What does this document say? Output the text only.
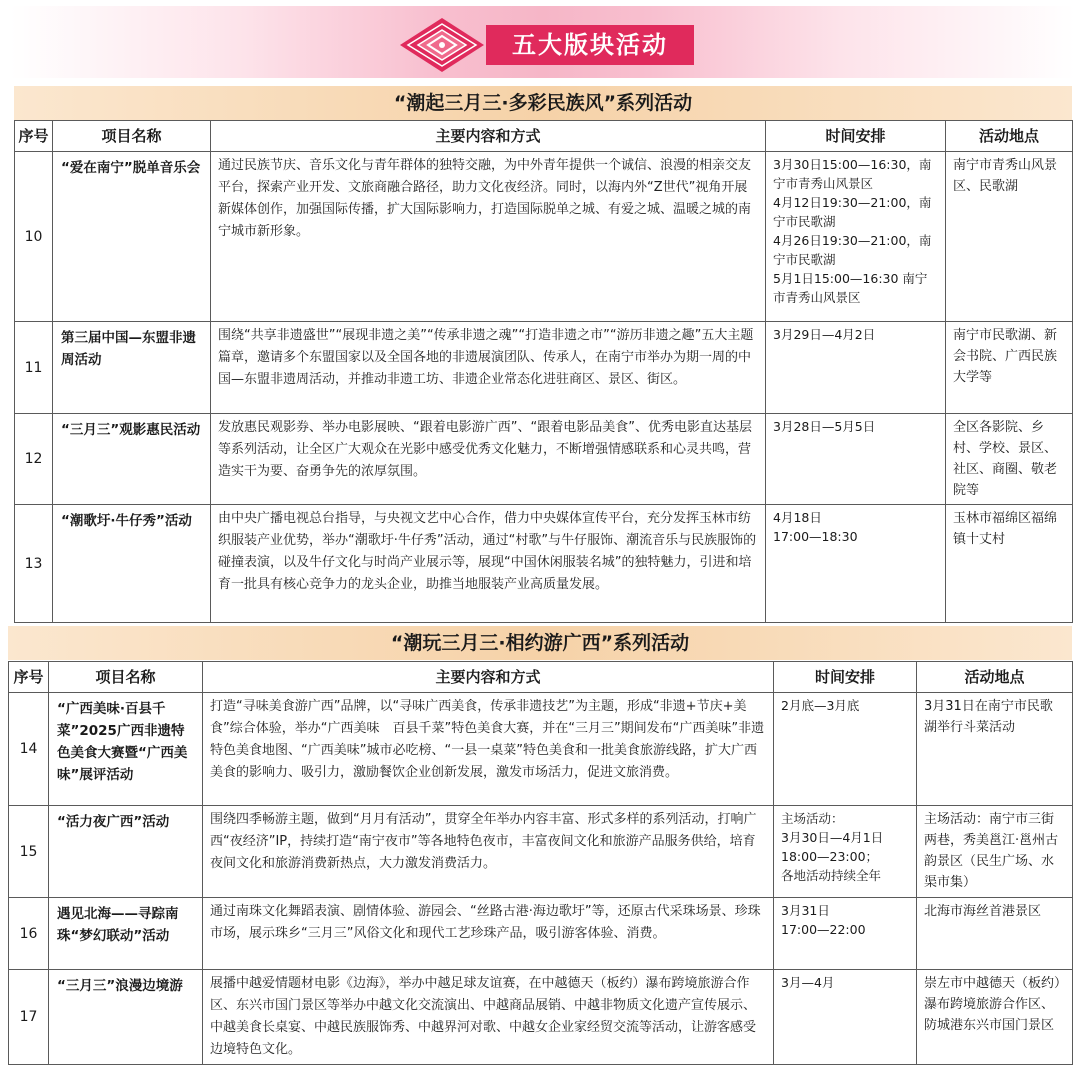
五大版块活动
“潮起三月三·多彩民族风”系列活动
序号	项目名称	主要内容和方式	时间安排	活动地点
10	“爱在南宁”脱单音乐会	通过民族节庆、音乐文化与青年群体的独特交融，为中外青年提供一个诚信、浪漫的相亲交友平台，探索产业开发、文旅商融合路径，助力文化夜经济。同时，以海内外“Z世代”视角开展新媒体创作，加强国际传播，扩大国际影响力，打造国际脱单之城、有爱之城、温暖之城的南宁城市新形象。	3月30日15:00—16:30，南宁市青秀山风景区
4月12日19:30—21:00，南宁市民歌湖
4月26日19:30—21:00，南宁市民歌湖
5月1日15:00—16:30 南宁市青秀山风景区	南宁市青秀山风景区、民歌湖
11	第三届中国—东盟非遗周活动	围绕“共享非遗盛世”“展现非遗之美”“传承非遗之魂”“打造非遗之市”“游历非遗之趣”五大主题篇章，邀请多个东盟国家以及全国各地的非遗展演团队、传承人，在南宁市举办为期一周的中国—东盟非遗周活动，并推动非遗工坊、非遗企业常态化进驻商区、景区、街区。	3月29日—4月2日	南宁市民歌湖、新会书院、广西民族大学等
12	“三月三”观影惠民活动	发放惠民观影券、举办电影展映、“跟着电影游广西”、“跟着电影品美食”、优秀电影直达基层等系列活动，让全区广大观众在光影中感受优秀文化魅力，不断增强情感联系和心灵共鸣，营造实干为要、奋勇争先的浓厚氛围。	3月28日—5月5日	全区各影院、乡村、学校、景区、社区、商圈、敬老院等
13	“潮歌圩·牛仔秀”活动	由中央广播电视总台指导，与央视文艺中心合作，借力中央媒体宣传平台，充分发挥玉林市纺织服装产业优势，举办“潮歌圩·牛仔秀”活动，通过“村歌”与牛仔服饰、潮流音乐与民族服饰的碰撞表演，以及牛仔文化与时尚产业展示等，展现“中国休闲服装名城”的独特魅力，引进和培育一批具有核心竞争力的龙头企业，助推当地服装产业高质量发展。	4月18日
17:00—18:30	玉林市福绵区福绵镇十丈村
“潮玩三月三·相约游广西”系列活动
序号	项目名称	主要内容和方式	时间安排	活动地点
14	“广西美味·百县千菜”2025广西非遗特色美食大赛暨“广西美味”展评活动	打造“寻味美食游广西”品牌，以“寻味广西美食，传承非遗技艺”为主题，形成“非遗+节庆+美食”综合体验，举办“广西美味　百县千菜”特色美食大赛，并在“三月三”期间发布“广西美味”非遗特色美食地图、“广西美味”城市必吃榜、“一县一桌菜”特色美食和一批美食旅游线路，扩大广西美食的影响力、吸引力，激励餐饮企业创新发展，激发市场活力，促进文旅消费。	2月底—3月底	3月31日在南宁市民歌湖举行斗菜活动
15	“活力夜广西”活动	围绕四季畅游主题，做到“月月有活动”，贯穿全年举办内容丰富、形式多样的系列活动，打响广西“夜经济”IP，持续打造“南宁夜市”等各地特色夜市，丰富夜间文化和旅游产品服务供给，培育夜间文化和旅游消费新热点，大力激发消费活力。	主场活动：
3月30日—4月1日
18:00—23:00；
各地活动持续全年	主场活动：南宁市三街两巷，秀美邕江·邕州古韵景区（民生广场、水渠市集）
16	遇见北海——寻踪南珠“梦幻联动”活动	通过南珠文化舞蹈表演、剧情体验、游园会、“丝路古港·海边歌圩”等，还原古代采珠场景、珍珠市场，展示珠乡“三月三”风俗文化和现代工艺珍珠产品，吸引游客体验、消费。	3月31日
17:00—22:00	北海市海丝首港景区
17	“三月三”浪漫边境游	展播中越爱情题材电影《边海》，举办中越足球友谊赛，在中越德天（板约）瀑布跨境旅游合作区、东兴市国门景区等举办中越文化交流演出、中越商品展销、中越非物质文化遗产宣传展示、中越美食长桌宴、中越民族服饰秀、中越界河对歌、中越女企业家经贸交流等活动，让游客感受边境特色文化。	3月—4月	崇左市中越德天（板约）瀑布跨境旅游合作区、防城港东兴市国门景区
